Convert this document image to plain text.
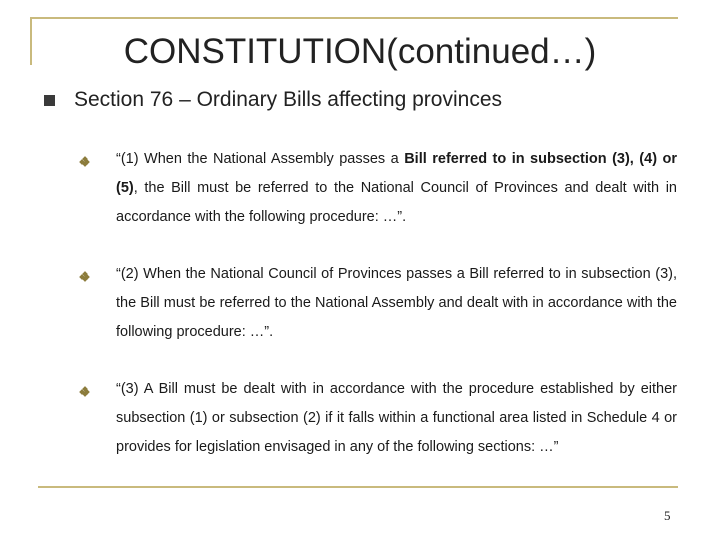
CONSTITUTION(continued…)
Section 76 – Ordinary Bills affecting provinces
“(1) When the National Assembly passes a Bill referred to in subsection (3), (4) or (5), the Bill must be referred to the National Council of Provinces and dealt with in accordance with the following procedure: …”.
“(2) When the National Council of Provinces passes a Bill referred to in subsection (3), the Bill must be referred to the National Assembly and dealt with in accordance with the following procedure: …”.
“(3) A Bill must be dealt with in accordance with the procedure established by either subsection (1) or subsection (2) if it falls within a functional area listed in Schedule 4 or provides for legislation envisaged in any of the following sections: …”
5
